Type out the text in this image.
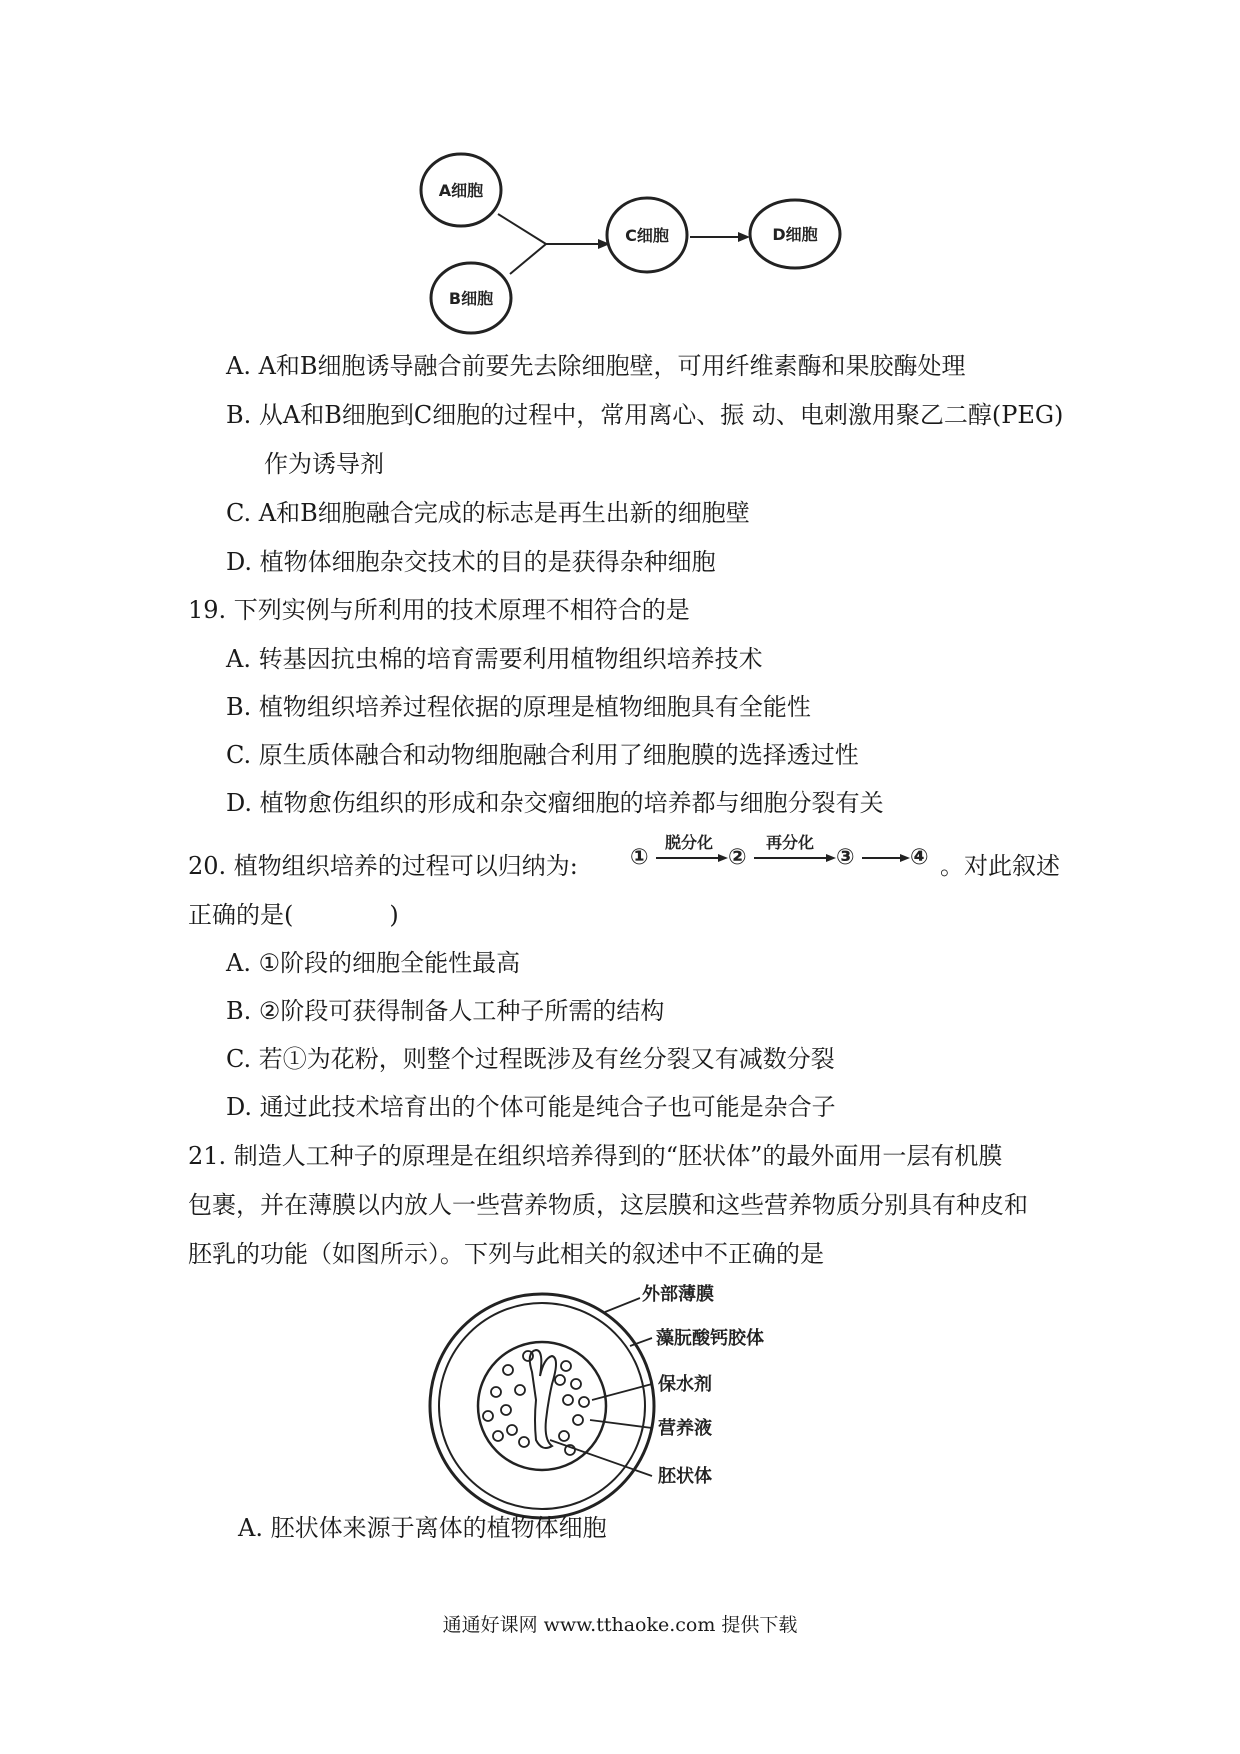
A细胞
B细胞
C细胞	D细胞
A. A和B细胞诱导融合前要先去除细胞壁，可用纤维素酶和果胶酶处理
B. 从A和B细胞到C细胞的过程中，常用离心、振 动、电刺激用聚乙二醇(PEG)
作为诱导剂
C. A和B细胞融合完成的标志是再生出新的细胞壁
D. 植物体细胞杂交技术的目的是获得杂种细胞
19. 下列实例与所利用的技术原理不相符合的是
A. 转基因抗虫棉的培育需要利用植物组织培养技术
B. 植物组织培养过程依据的原理是植物细胞具有全能性
C. 原生质体融合和动物细胞融合利用了细胞膜的选择透过性
D. 植物愈伤组织的形成和杂交瘤细胞的培养都与细胞分裂有关
20. 植物组织培养的过程可以归纳为: ①
脱分化
②
再分化
③	④ 。对此叙述
正确的是(　　　　)
A. ①阶段的细胞全能性最高
B. ②阶段可获得制备人工种子所需的结构
C. 若①为花粉，则整个过程既涉及有丝分裂又有减数分裂
D. 通过此技术培育出的个体可能是纯合子也可能是杂合子
21. 制造人工种子的原理是在组织培养得到的“胚状体”的最外面用一层有机膜
包裹，并在薄膜以内放人一些营养物质，这层膜和这些营养物质分别具有种皮和
胚乳的功能（如图所示）。下列与此相关的叙述中不正确的是
外部薄膜
藻朊酸钙胶体
保水剂
营养液
胚状体
A. 胚状体来源于离体的植物体细胞
通通好课网 www.tthaoke.com 提供下载
